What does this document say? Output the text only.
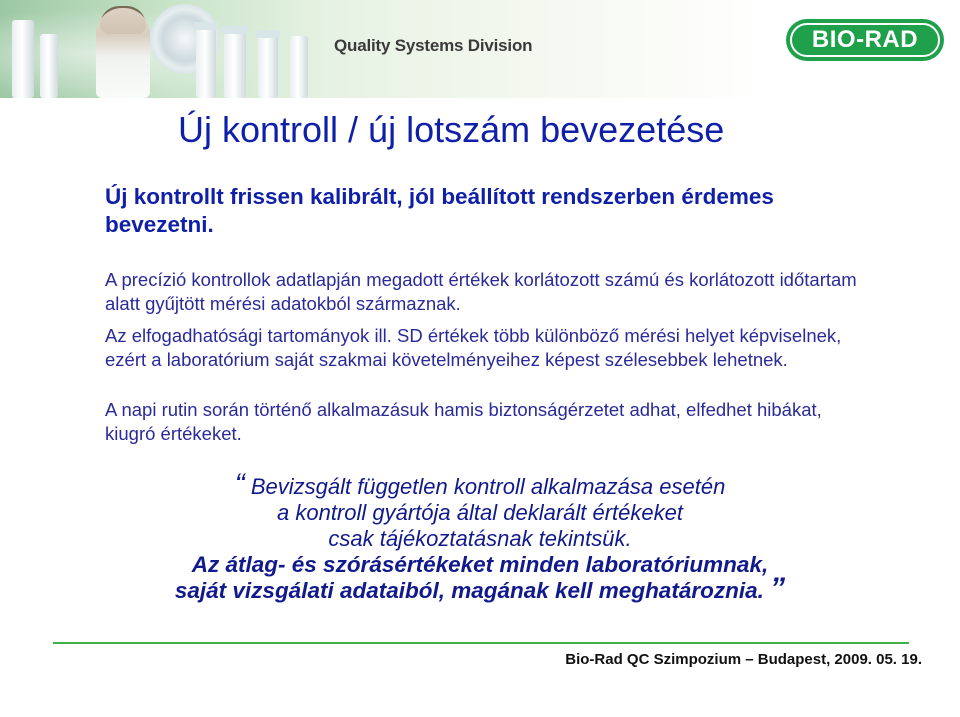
Quality Systems Division	BIO-RAD
Új kontroll / új lotszám bevezetése

Új kontrollt frissen kalibrált, jól beállított rendszerben érdemes bevezetni.

A precízió kontrollok adatlapján megadott értékek korlátozott számú és korlátozott időtartam alatt gyűjtött mérési adatokból származnak.

Az elfogadhatósági tartományok ill. SD értékek több különböző mérési helyet képviselnek, ezért a laboratórium saját szakmai követelményeihez képest szélesebbek lehetnek.

A napi rutin során történő alkalmazásuk hamis biztonságérzetet adhat, elfedhet hibákat, kiugró értékeket.

“ Bevizsgált független kontroll alkalmazása esetén

a kontroll gyártója által deklarált értékeket

csak tájékoztatásnak tekintsük.

Az átlag- és szórásértékeket minden laboratóriumnak,

saját vizsgálati adataiból, magának kell meghatároznia. ”

Bio-Rad QC Szimpozium – Budapest, 2009. 05. 19.
